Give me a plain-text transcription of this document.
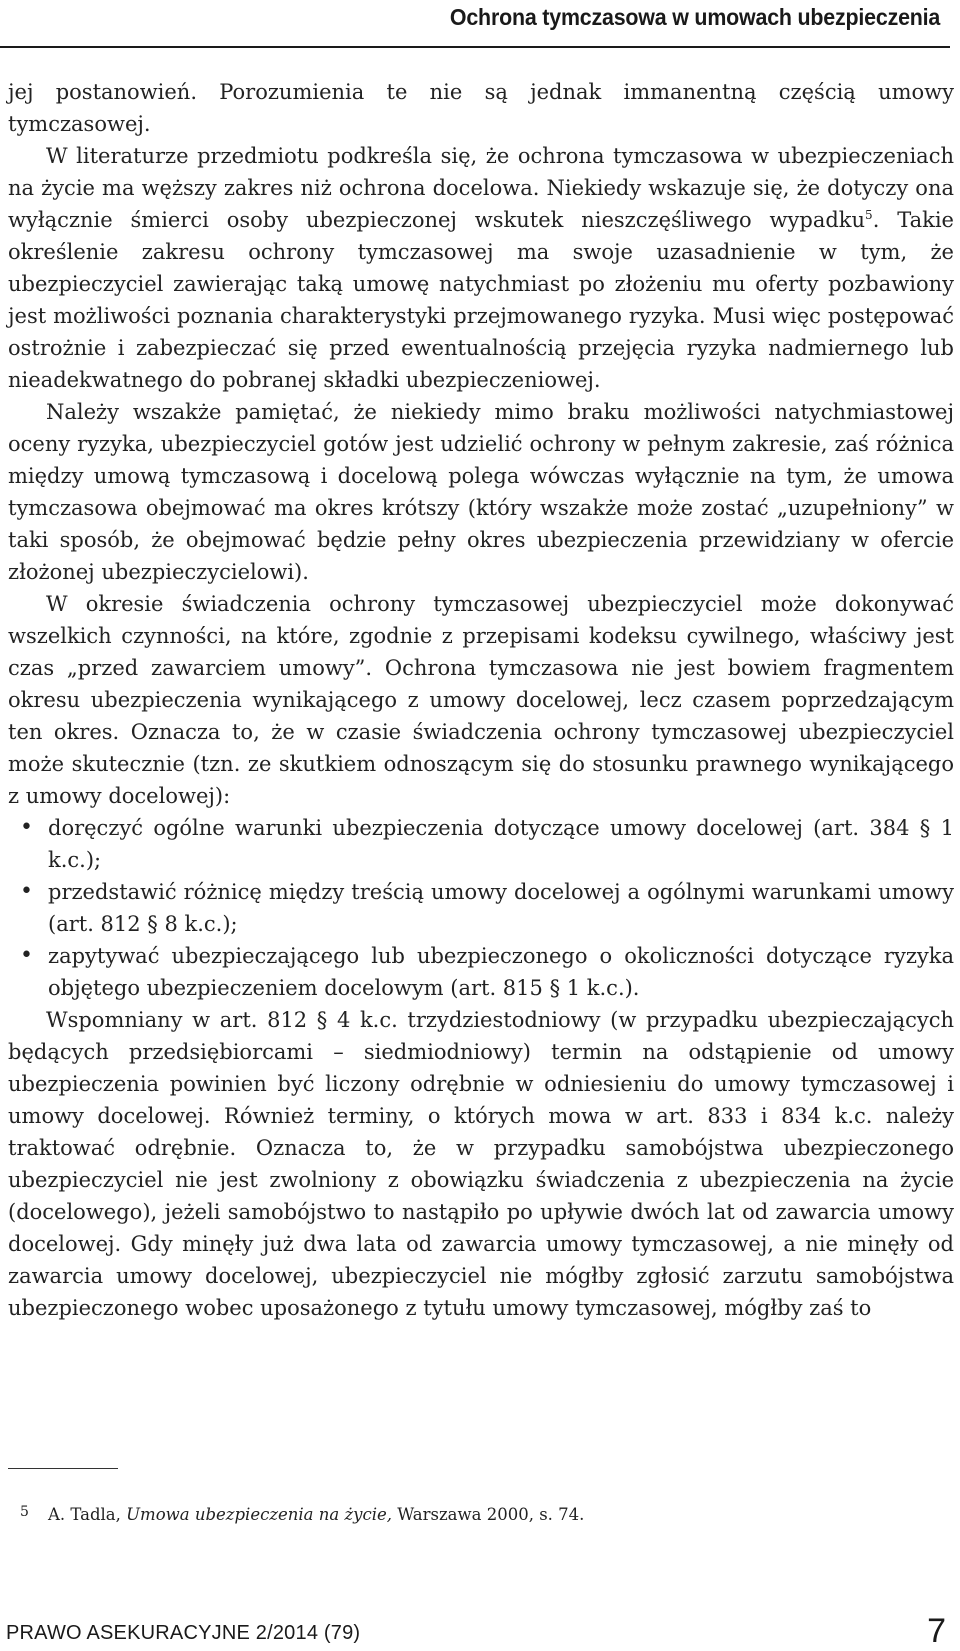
Ochrona tymczasowa w umowach ubezpieczenia

jej postanowień. Porozumienia te nie są jednak immanentną częścią umowy tymczasowej.

W literaturze przedmiotu podkreśla się, że ochrona tymczasowa w ubezpieczeniach na życie ma węższy zakres niż ochrona docelowa. Niekiedy wskazuje się, że dotyczy ona wyłącznie śmierci osoby ubezpieczonej wskutek nieszczęśliwego wypadku$^5$. Takie określenie zakresu ochrony tymczasowej ma swoje uzasadnienie w tym, że ubezpieczyciel zawierając taką umowę natychmiast po złożeniu mu oferty pozbawiony jest możliwości poznania charakterystyki przejmowanego ryzyka. Musi więc postępować ostrożnie i zabezpieczać się przed ewentualnością przejęcia ryzyka nadmiernego lub nieadekwatnego do pobranej składki ubezpieczeniowej.

Należy wszakże pamiętać, że niekiedy mimo braku możliwości natychmiastowej oceny ryzyka, ubezpieczyciel gotów jest udzielić ochrony w pełnym zakresie, zaś różnica między umową tymczasową i docelową polega wówczas wyłącznie na tym, że umowa tymczasowa obejmować ma okres krótszy (który wszakże może zostać „uzupełniony” w taki sposób, że obejmować będzie pełny okres ubezpieczenia przewidziany w ofercie złożonej ubezpieczycielowi).

W okresie świadczenia ochrony tymczasowej ubezpieczyciel może dokonywać wszelkich czynności, na które, zgodnie z przepisami kodeksu cywilnego, właściwy jest czas „przed zawarciem umowy”. Ochrona tymczasowa nie jest bowiem fragmentem okresu ubezpieczenia wynikającego z umowy docelowej, lecz czasem poprzedzającym ten okres. Oznacza to, że w czasie świadczenia ochrony tymczasowej ubezpieczyciel może skutecznie (tzn. ze skutkiem odnoszącym się do stosunku prawnego wynikającego z umowy docelowej):

• doręczyć ogólne warunki ubezpieczenia dotyczące umowy docelowej (art. 384 § 1 k.c.);
• przedstawić różnicę między treścią umowy docelowej a ogólnymi warunkami umowy (art. 812 § 8 k.c.);
• zapytywać ubezpieczającego lub ubezpieczonego o okoliczności dotyczące ryzyka objętego ubezpieczeniem docelowym (art. 815 § 1 k.c.).

Wspomniany w art. 812 § 4 k.c. trzydziestodniowy (w przypadku ubezpieczających będących przedsiębiorcami – siedmiodniowy) termin na odstąpienie od umowy ubezpieczenia powinien być liczony odrębnie w odniesieniu do umowy tymczasowej i umowy docelowej. Również terminy, o których mowa w art. 833 i 834 k.c. należy traktować odrębnie. Oznacza to, że w przypadku samobójstwa ubezpieczonego ubezpieczyciel nie jest zwolniony z obowiązku świadczenia z ubezpieczenia na życie (docelowego), jeżeli samobójstwo to nastąpiło po upływie dwóch lat od zawarcia umowy docelowej. Gdy minęły już dwa lata od zawarcia umowy tymczasowej, a nie minęły od zawarcia umowy docelowej, ubezpieczyciel nie mógłby zgłosić zarzutu samobójstwa ubezpieczonego wobec uposażonego z tytułu umowy tymczasowej, mógłby zaś to

5 A. Tadla, Umowa ubezpieczenia na życie, Warszawa 2000, s. 74.
PRAWO ASEKURACYJNE 2/2014 (79)	7
